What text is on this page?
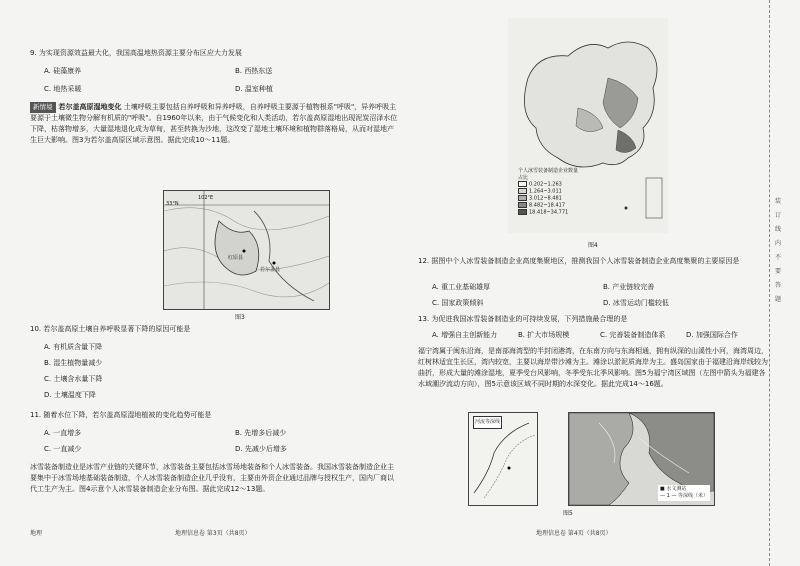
9. 为实现资源效益最大化，我国高温地热资源主要分布区应大力发展
A. 硅藻康养	B. 西热东送
C. 地热采暖	D. 温室种植
新情境 若尔盖高原湿地变化 土壤呼吸主要包括自养呼吸和异养呼吸，自养呼吸主要源于植物根系"呼吸"，异养呼吸主要源于土壤微生物分解有机质的"呼吸"。自1960年以来，由于气候变化和人类活动，若尔盖高原湿地出现泥炭沼泽水位下降，枯落物增多，大量湿地退化成为草甸，甚至转换为沙地，这改变了湿地土壤环境和植物群落格局，从而对湿地产生巨大影响。图3为若尔盖高原区域示意图。据此完成10～11题。
红原县
若尔盖县
102°E
33°N
图3
10. 若尔盖高原土壤自养呼吸显著下降的原因可能是
A. 有机质含量下降
B. 湿生植物量减少
C. 土壤含水量下降
D. 土壤温度下降
11. 随着水位下降，若尔盖高原湿地植被的变化趋势可能是
A. 一直增多	B. 先增多后减少
C. 一直减少	D. 先减少后增多
冰雪装备制造业是冰雪产业链的关键环节，冰雪装备主要包括冰雪场地装备和个人冰雪装备。我国冰雪装备制造企业主要集中于冰雪场地基础装备制造，个人冰雪装备制造企业几乎没有，主要由外资企业通过品牌与授权生产，国内厂商以代工生产为主。图4示意个人冰雪装备制造企业分布图。据此完成12～13题。
地理	地理信息卷 第3页（共8页）
个人冰雪装备制造企业数量占比
0.202~1.263
1.264~3.011
3.012~8.481
8.482~18.417
18.418~34.771
图4
12. 据图中个人冰雪装备制造企业高度集聚地区，推测我国个人冰雪装备制造企业高度集聚的主要原因是
A. 重工业基础雄厚	B. 产业链较完善
C. 国家政策倾斜	D. 冰雪运动门槛较低
13. 为促进我国冰雪装备制造业的可持续发展，下列措施最合理的是
A. 增强自主创新能力	B. 扩大市场规模	C. 完善装备制造体系	D. 加强国际合作
福宁湾属于闽东沿海，是南部海湾型的半封闭港湾，在东南方向与东海相通，拥有纵深的山溪性小河，海湾周边，红树林适宜生长区，湾内较宽，主要以海岸带沙滩为主。滩涂以淤泥质海岸为主。盛岛国家由于福建沿海岸线较为曲折，形成大量的滩涂湿地，夏季受台风影响，冬季受东北季风影响。图5为福宁湾区域图（左图中箭头为福建各水域潮汐流动方向），图5示意该区域不同时期的水深变化。据此完成14～16题。
河流等深线
■ 水文测站
— 1 — 等深线（米）
图5
地理信息卷 第4页（共8页）
装
订
线
内
不
要
答
题
